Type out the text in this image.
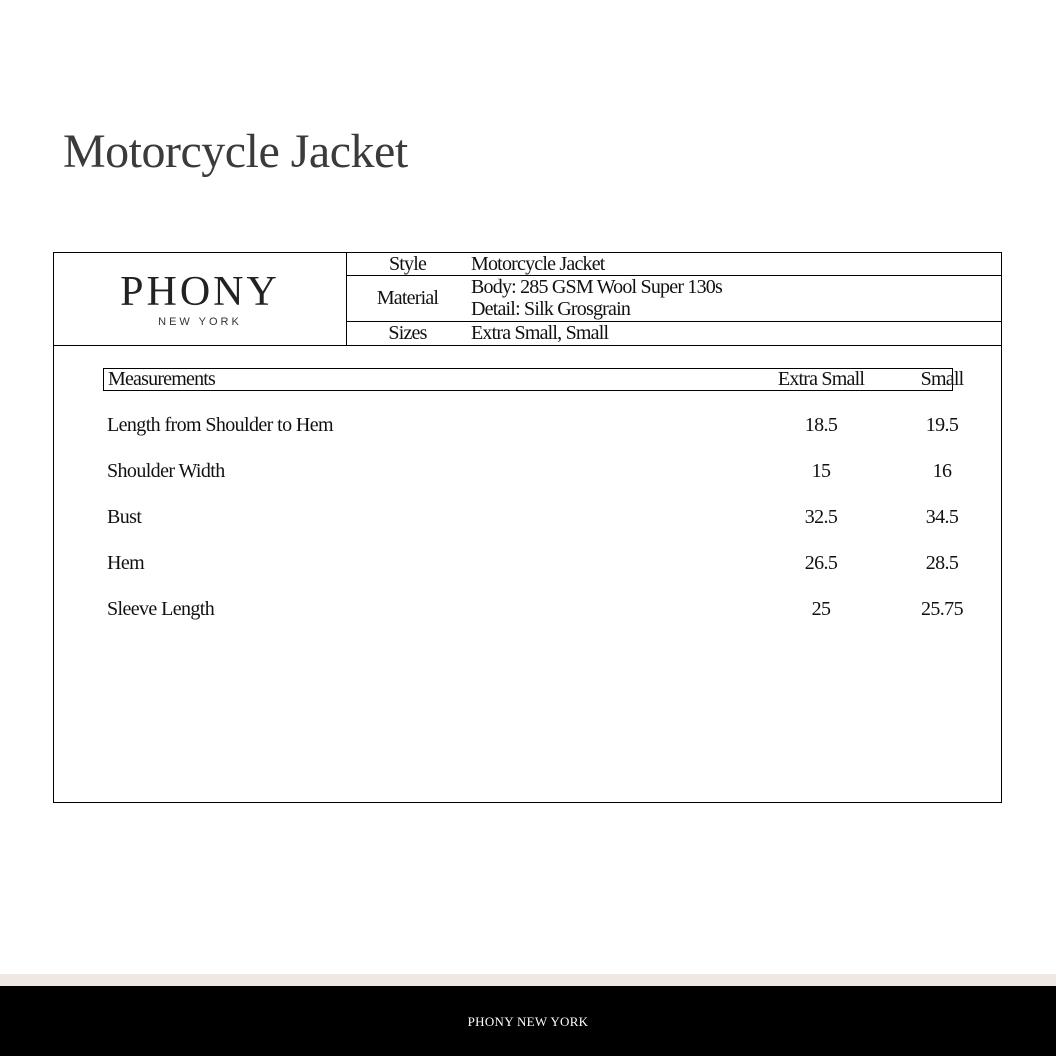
Motorcycle Jacket
PHONY
NEW YORK
Style	Motorcycle Jacket
Material	Body: 285 GSM Wool Super 130s
Detail: Silk Grosgrain
Sizes	Extra Small, Small
Measurements	Extra Small	Small
Length from Shoulder to Hem	18.5	19.5
Shoulder Width	15	16
Bust	32.5	34.5
Hem	26.5	28.5
Sleeve Length	25	25.75
PHONY NEW YORK
